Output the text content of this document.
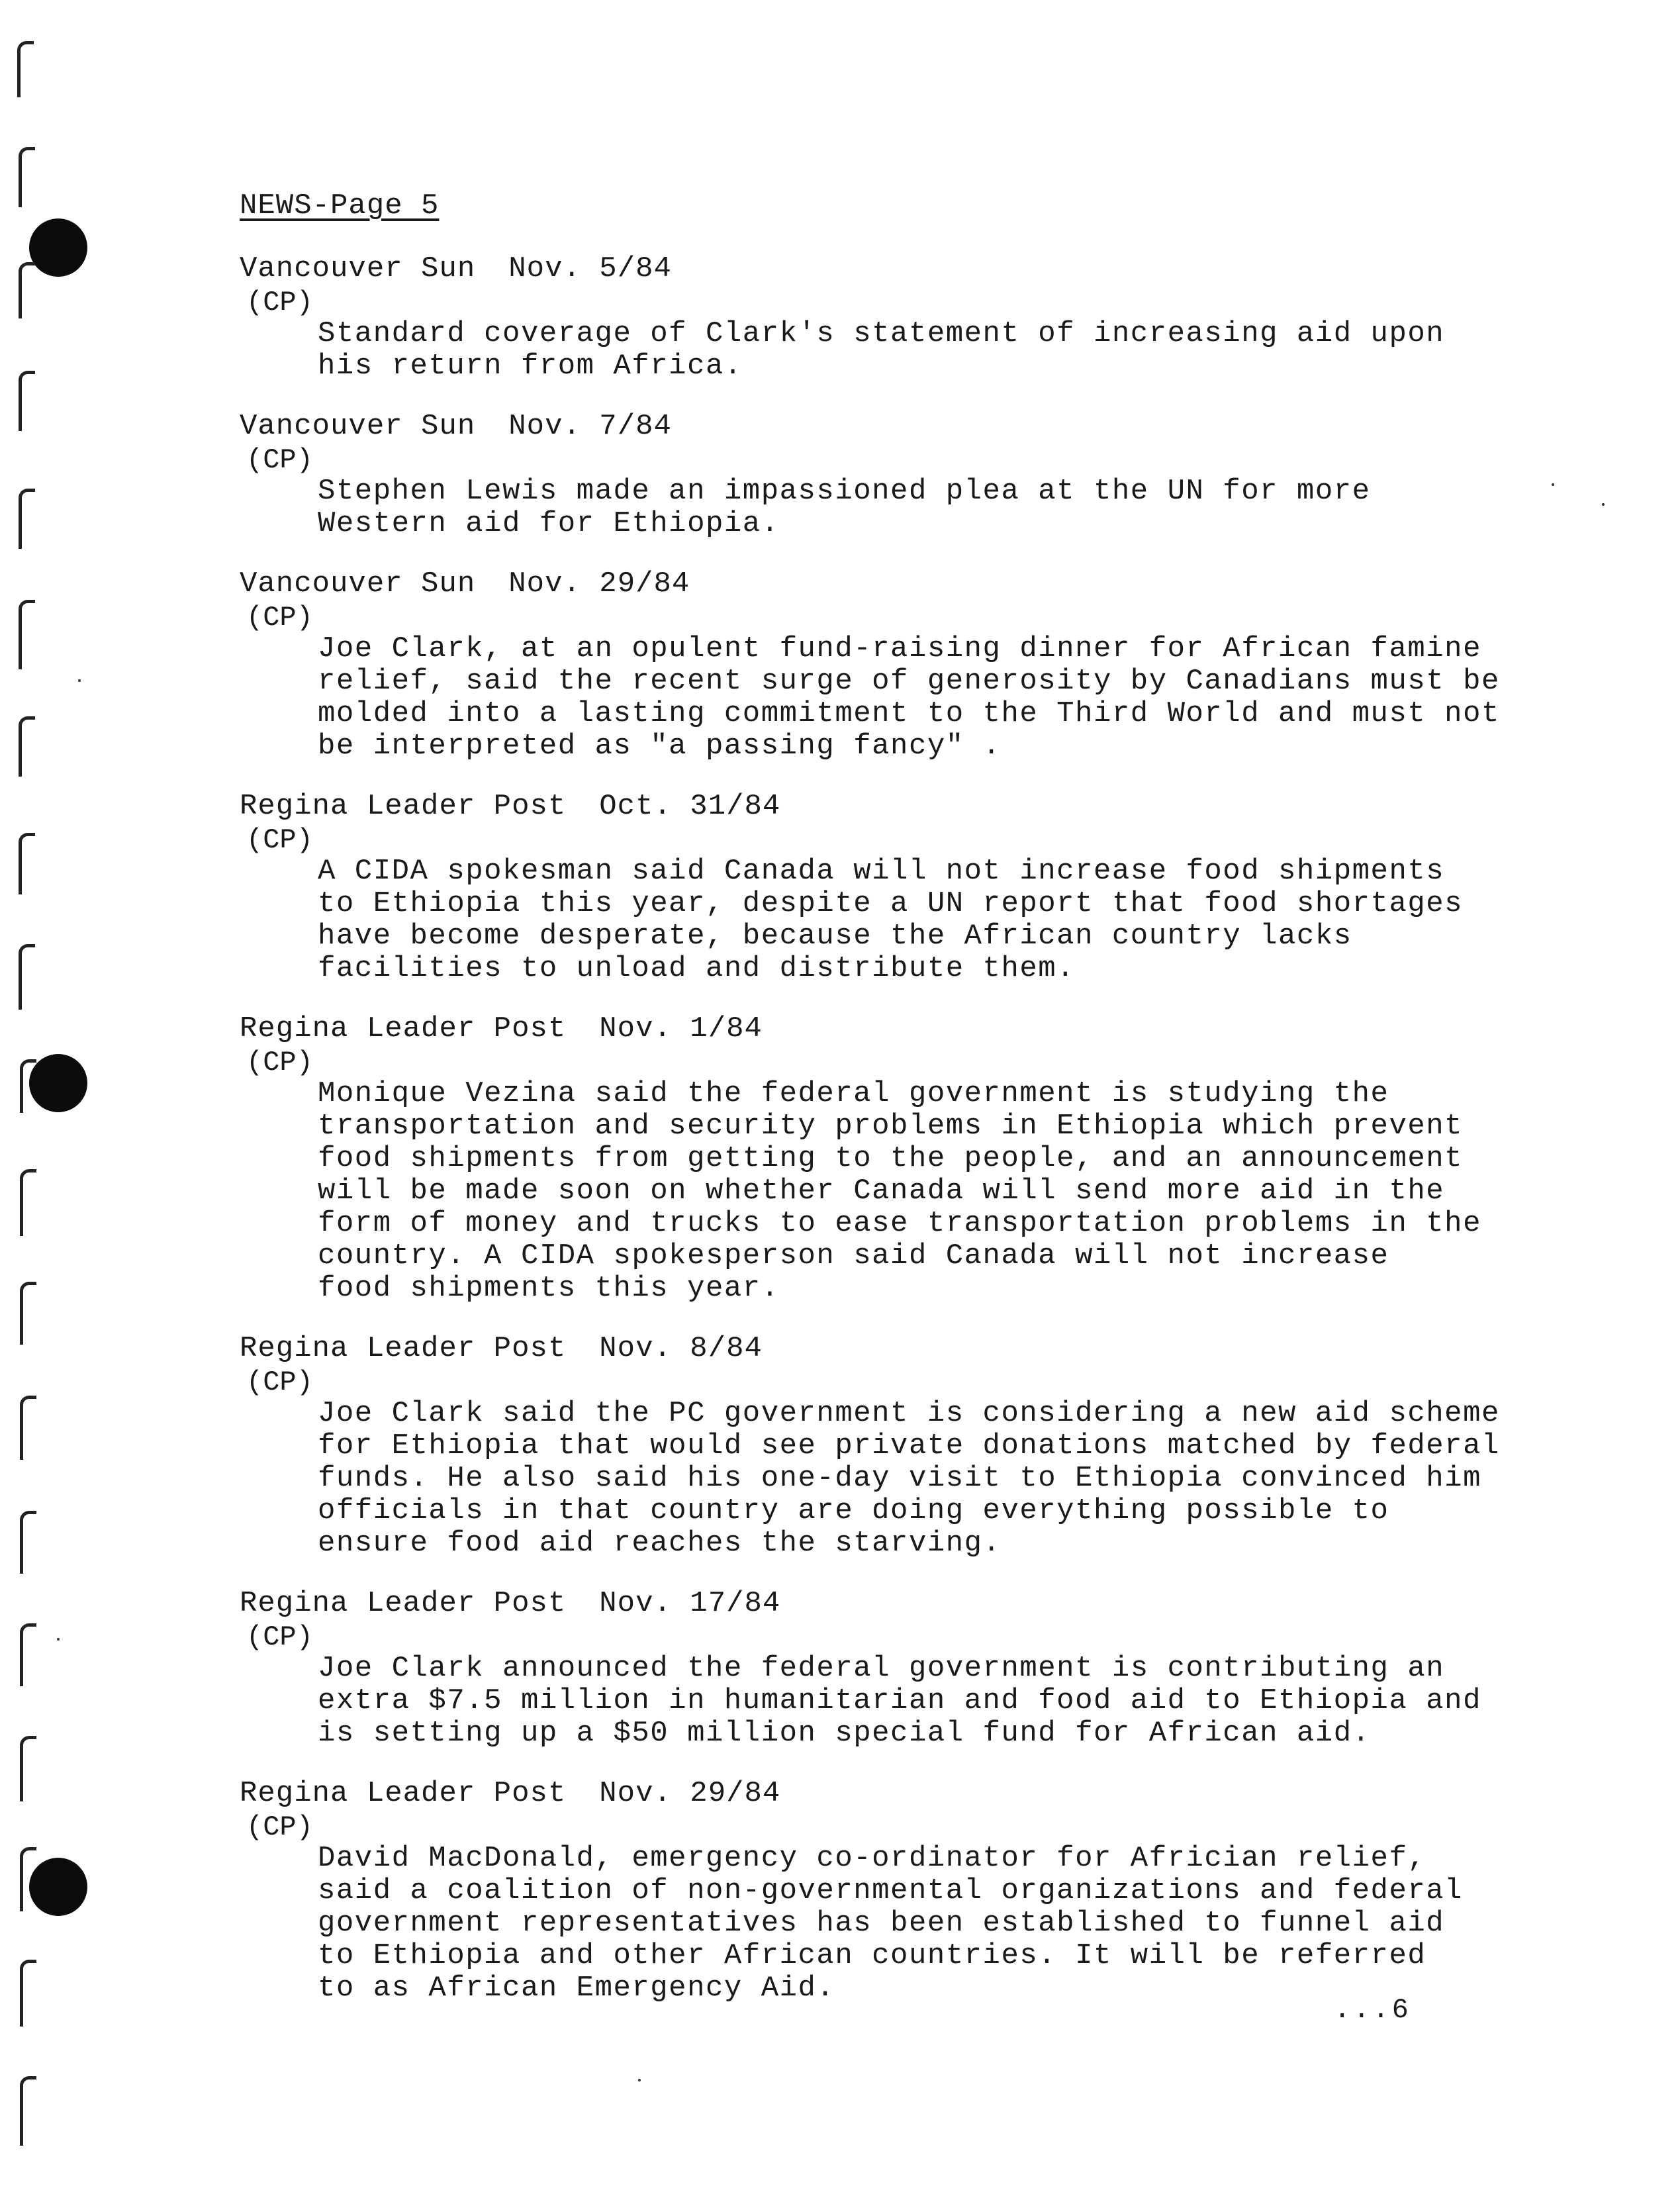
NEWS-Page 5
Vancouver Sun Nov. 5/84
(CP)
Standard coverage of Clark's statement of increasing aid upon
his return from Africa.
Vancouver Sun Nov. 7/84
(CP)
Stephen Lewis made an impassioned plea at the UN for more
Western aid for Ethiopia.
Vancouver Sun Nov. 29/84
(CP)
Joe Clark, at an opulent fund-raising dinner for African famine
relief, said the recent surge of generosity by Canadians must be
molded into a lasting commitment to the Third World and must not
be interpreted as "a passing fancy" .
Regina Leader Post Oct. 31/84
(CP)
A CIDA spokesman said Canada will not increase food shipments
to Ethiopia this year, despite a UN report that food shortages
have become desperate, because the African country lacks
facilities to unload and distribute them.
Regina Leader Post Nov. 1/84
(CP)
Monique Vezina said the federal government is studying the
transportation and security problems in Ethiopia which prevent
food shipments from getting to the people, and an announcement
will be made soon on whether Canada will send more aid in the
form of money and trucks to ease transportation problems in the
country. A CIDA spokesperson said Canada will not increase
food shipments this year.
Regina Leader Post Nov. 8/84
(CP)
Joe Clark said the PC government is considering a new aid scheme
for Ethiopia that would see private donations matched by federal
funds. He also said his one-day visit to Ethiopia convinced him
officials in that country are doing everything possible to
ensure food aid reaches the starving.
Regina Leader Post Nov. 17/84
(CP)
Joe Clark announced the federal government is contributing an
extra $7.5 million in humanitarian and food aid to Ethiopia and
is setting up a $50 million special fund for African aid.
Regina Leader Post Nov. 29/84
(CP)
David MacDonald, emergency co-ordinator for Africian relief,
said a coalition of non-governmental organizations and federal
government representatives has been established to funnel aid
to Ethiopia and other African countries. It will be referred
to as African Emergency Aid.
...6
